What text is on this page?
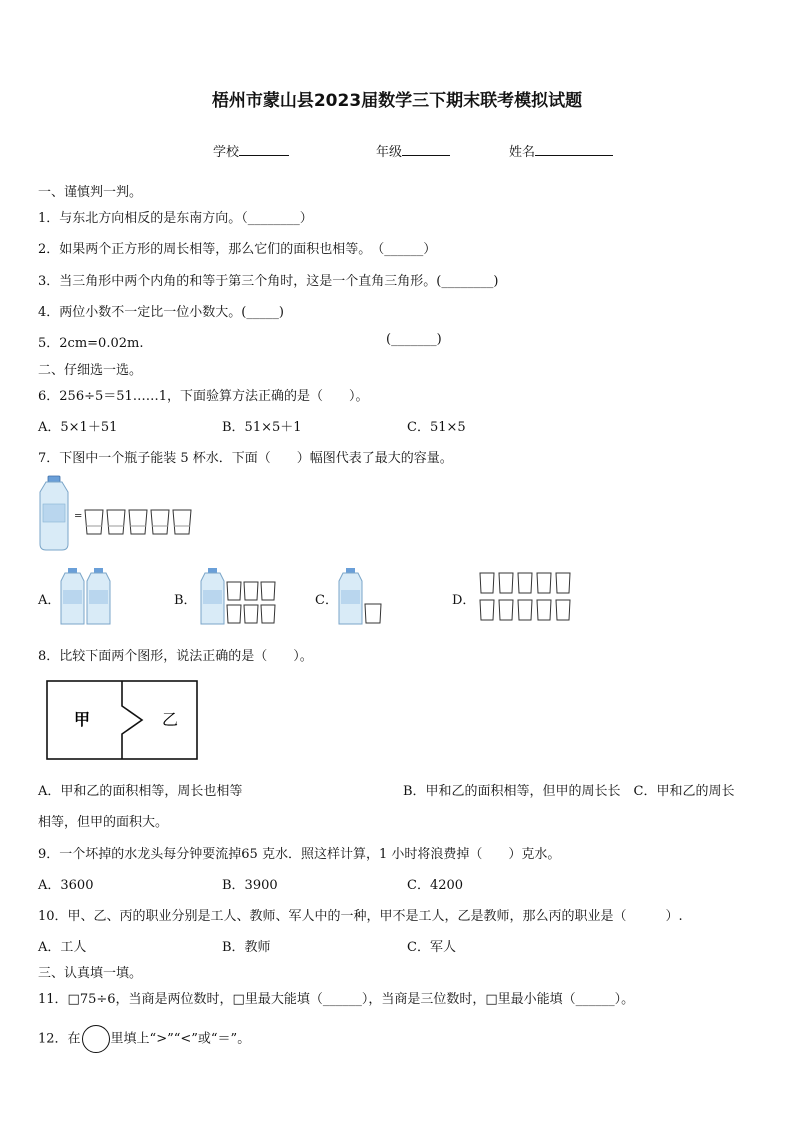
梧州市蒙山县2023届数学三下期末联考模拟试题
学校	年级	姓名
一、谨慎判一判。
1．与东北方向相反的是东南方向。（________）
2．如果两个正方形的周长相等，那么它们的面积也相等。　（______）
3．当三角形中两个内角的和等于第三个角时，这是一个直角三角形。(________)
4．两位小数不一定比一位小数大。(_____)
5．2cm=0.02m.	(_______)
二、仔细选一选。
6．256÷5＝51……1，下面验算方法正确的是（　　）。
A．5×1＋51	B．51×5＋1	C．51×5
7．下图中一个瓶子能装 5 杯水．下面（　　）幅图代表了最大的容量。
=
A．	B．	C．	D．
8．比较下面两个图形，说法正确的是（　　）。
甲	乙
A．甲和乙的面积相等，周长也相等	B．甲和乙的面积相等，但甲的周长长　C．甲和乙的周长
相等，但甲的面积大。
9．一个坏掉的水龙头每分钟要流掉65 克水．照这样计算，1 小时将浪费掉（　　）克水。
A．3600	B．3900	C．4200
10．甲、乙、丙的职业分别是工人、教师、军人中的一种，甲不是工人，乙是教师，那么丙的职业是（　　　）.
A．工人	B．教师	C．军人
三、认真填一填。
11．□75÷6，当商是两位数时，□里最大能填（______），当商是三位数时，□里最小能填（______）。
12．在 里填上“>”“<”或“＝”。
